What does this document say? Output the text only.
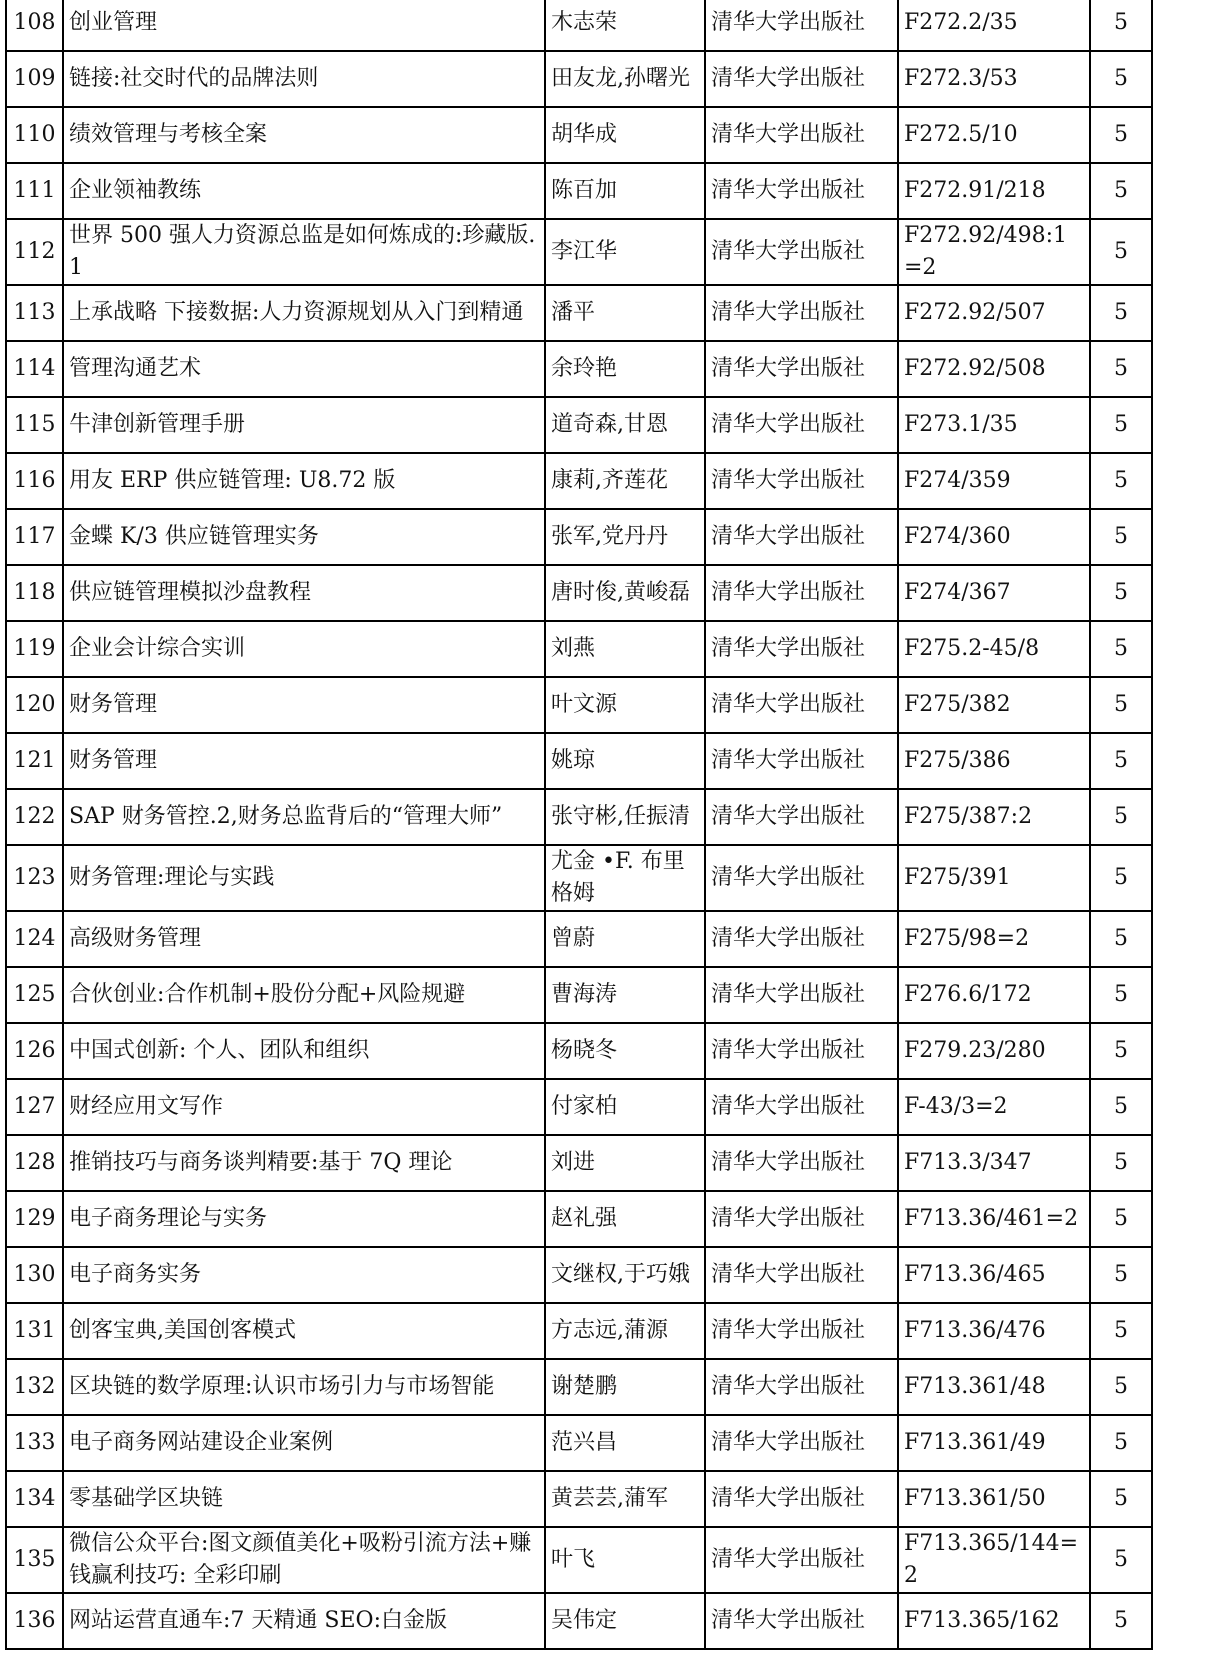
108	创业管理	木志荣	清华大学出版社	F272.2/35	5
109	链接:社交时代的品牌法则	田友龙,孙曙光	清华大学出版社	F272.3/53	5
110	绩效管理与考核全案	胡华成	清华大学出版社	F272.5/10	5
111	企业领袖教练	陈百加	清华大学出版社	F272.91/218	5
112	世界 500 强人力资源总监是如何炼成的:珍藏版.1	李江华	清华大学出版社	F272.92/498:1=2	5
113	上承战略 下接数据:人力资源规划从入门到精通	潘平	清华大学出版社	F272.92/507	5
114	管理沟通艺术	余玲艳	清华大学出版社	F272.92/508	5
115	牛津创新管理手册	道奇森,甘恩	清华大学出版社	F273.1/35	5
116	用友 ERP 供应链管理: U8.72 版	康莉,齐莲花	清华大学出版社	F274/359	5
117	金蝶 K/3 供应链管理实务	张军,党丹丹	清华大学出版社	F274/360	5
118	供应链管理模拟沙盘教程	唐时俊,黄峻磊	清华大学出版社	F274/367	5
119	企业会计综合实训	刘燕	清华大学出版社	F275.2-45/8	5
120	财务管理	叶文源	清华大学出版社	F275/382	5
121	财务管理	姚琼	清华大学出版社	F275/386	5
122	SAP 财务管控.2,财务总监背后的“管理大师”	张守彬,任振清	清华大学出版社	F275/387:2	5
123	财务管理:理论与实践	尤金 •F. 布里格姆	清华大学出版社	F275/391	5
124	高级财务管理	曾蔚	清华大学出版社	F275/98=2	5
125	合伙创业:合作机制+股份分配+风险规避	曹海涛	清华大学出版社	F276.6/172	5
126	中国式创新: 个人、团队和组织	杨晓冬	清华大学出版社	F279.23/280	5
127	财经应用文写作	付家柏	清华大学出版社	F-43/3=2	5
128	推销技巧与商务谈判精要:基于 7Q 理论	刘进	清华大学出版社	F713.3/347	5
129	电子商务理论与实务	赵礼强	清华大学出版社	F713.36/461=2	5
130	电子商务实务	文继权,于巧娥	清华大学出版社	F713.36/465	5
131	创客宝典,美国创客模式	方志远,蒲源	清华大学出版社	F713.36/476	5
132	区块链的数学原理:认识市场引力与市场智能	谢楚鹏	清华大学出版社	F713.361/48	5
133	电子商务网站建设企业案例	范兴昌	清华大学出版社	F713.361/49	5
134	零基础学区块链	黄芸芸,蒲军	清华大学出版社	F713.361/50	5
135	微信公众平台:图文颜值美化+吸粉引流方法+赚钱赢利技巧: 全彩印刷	叶飞	清华大学出版社	F713.365/144=2	5
136	网站运营直通车:7 天精通 SEO:白金版	吴伟定	清华大学出版社	F713.365/162	5
